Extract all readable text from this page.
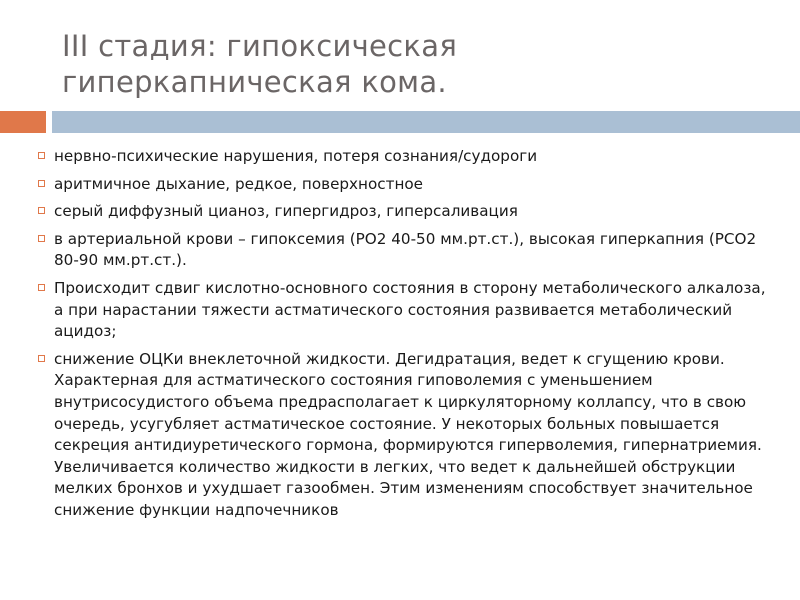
III стадия: гипоксическая
гиперкапническая кома.
нервно-психические нарушения, потеря сознания/судороги
аритмичное дыхание, редкое, поверхностное
серый диффузный цианоз, гипергидроз, гиперсаливация
в артериальной крови – гипоксемия (РО2 40-50 мм.рт.ст.), высокая гиперкапния (РСО2 80-90 мм.рт.ст.).
Происходит сдвиг кислотно-основного состояния в сторону метаболического алкалоза, а при нарастании тяжести астматического состояния развивается метаболический ацидоз;
снижение ОЦКи внеклеточной жидкости. Дегидратация, ведет к сгущению крови. Характерная для астматического состояния гиповолемия с уменьшением внутрисосудистого объема предрасполагает к циркуляторному коллапсу, что в свою очередь, усугубляет астматическое состояние. У некоторых больных повышается секреция антидиуретического гормона, формируются гиперволемия, гипернатриемия. Увеличивается количество жидкости в легких, что ведет к дальнейшей обструкции мелких бронхов и ухудшает газообмен. Этим изменениям способствует значительное снижение функции надпочечников
